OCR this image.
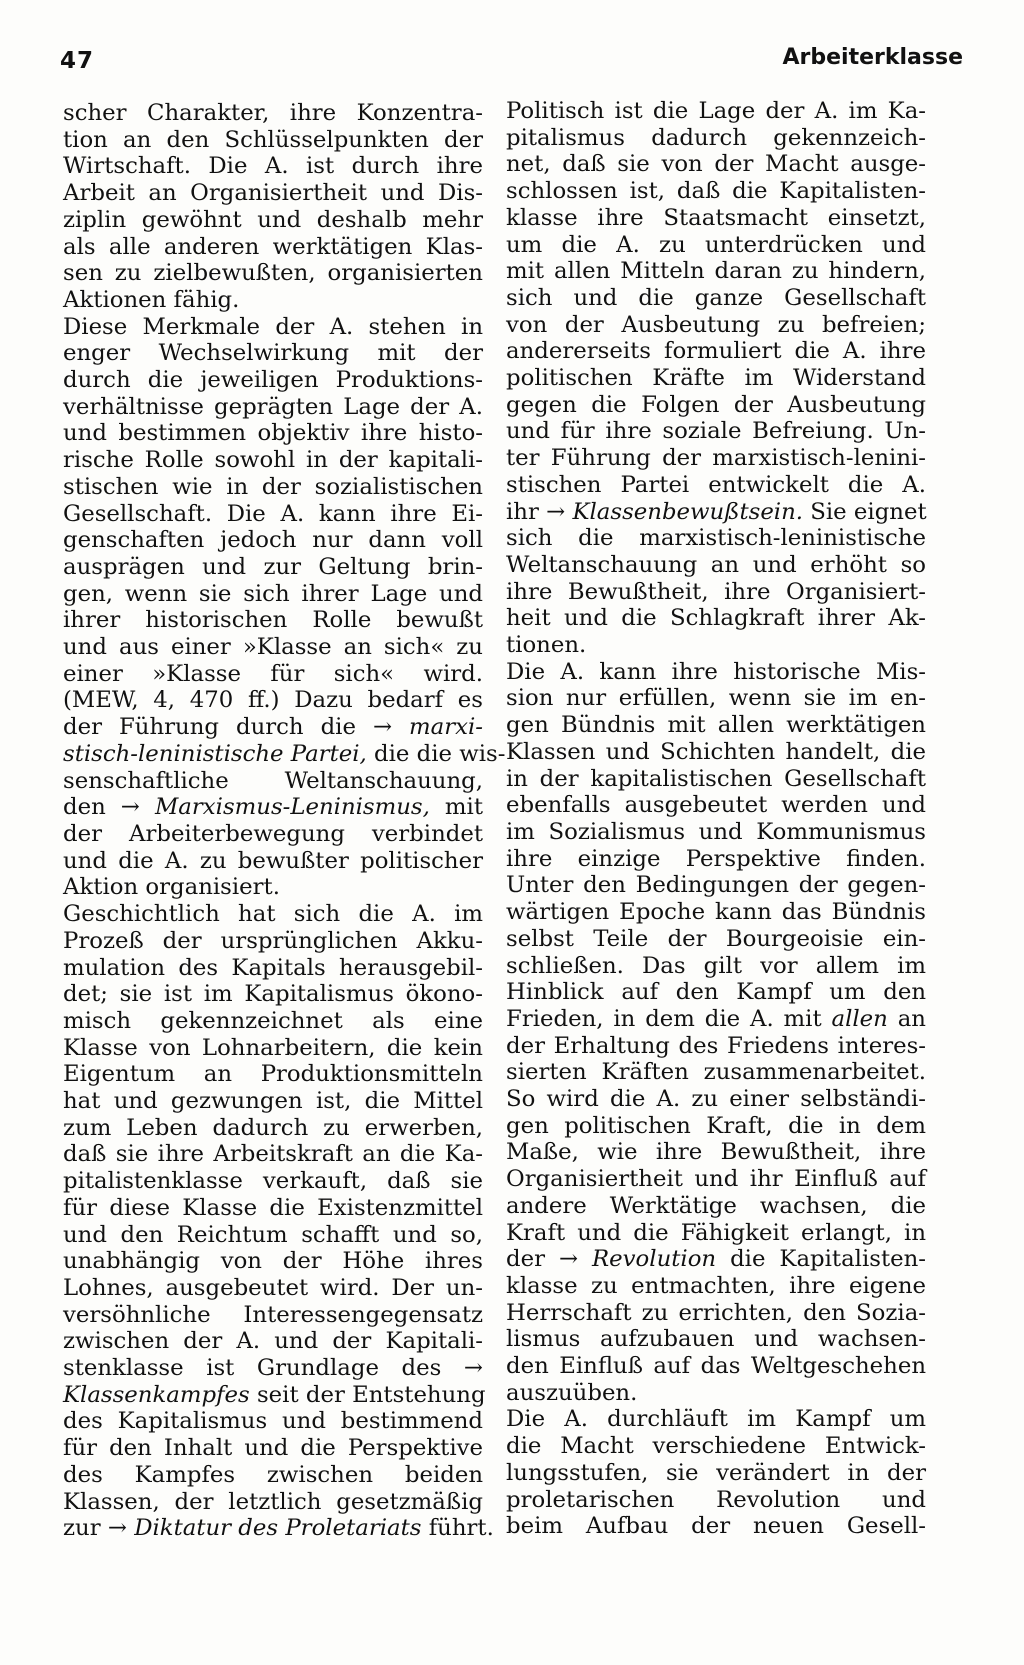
47	Arbeiterklasse
scher Charakter, ihre Konzentra-
tion an den Schlüsselpunkten der
Wirtschaft. Die A. ist durch ihre
Arbeit an Organisiertheit und Dis-
ziplin gewöhnt und deshalb mehr
als alle anderen werktätigen Klas-
sen zu zielbewußten, organisierten
Aktionen fähig.
Diese Merkmale der A. stehen in
enger Wechselwirkung mit der
durch die jeweiligen Produktions-
verhältnisse geprägten Lage der A.
und bestimmen objektiv ihre histo-
rische Rolle sowohl in der kapitali-
stischen wie in der sozialistischen
Gesellschaft. Die A. kann ihre Ei-
genschaften jedoch nur dann voll
ausprägen und zur Geltung brin-
gen, wenn sie sich ihrer Lage und
ihrer historischen Rolle bewußt
und aus einer »Klasse an sich« zu
einer »Klasse für sich« wird.
(MEW, 4, 470 ff.) Dazu bedarf es
der Führung durch die → marxi-
stisch-leninistische Partei, die die wis-
senschaftliche Weltanschauung,
den → Marxismus-Leninismus, mit
der Arbeiterbewegung verbindet
und die A. zu bewußter politischer
Aktion organisiert.
Geschichtlich hat sich die A. im
Prozeß der ursprünglichen Akku-
mulation des Kapitals herausgebil-
det; sie ist im Kapitalismus ökono-
misch gekennzeichnet als eine
Klasse von Lohnarbeitern, die kein
Eigentum an Produktionsmitteln
hat und gezwungen ist, die Mittel
zum Leben dadurch zu erwerben,
daß sie ihre Arbeitskraft an die Ka-
pitalistenklasse verkauft, daß sie
für diese Klasse die Existenzmittel
und den Reichtum schafft und so,
unabhängig von der Höhe ihres
Lohnes, ausgebeutet wird. Der un-
versöhnliche Interessengegensatz
zwischen der A. und der Kapitali-
stenklasse ist Grundlage des →
Klassenkampfes seit der Entstehung
des Kapitalismus und bestimmend
für den Inhalt und die Perspektive
des Kampfes zwischen beiden
Klassen, der letztlich gesetzmäßig
zur → Diktatur des Proletariats führt.
Politisch ist die Lage der A. im Ka-
pitalismus dadurch gekennzeich-
net, daß sie von der Macht ausge-
schlossen ist, daß die Kapitalisten-
klasse ihre Staatsmacht einsetzt,
um die A. zu unterdrücken und
mit allen Mitteln daran zu hindern,
sich und die ganze Gesellschaft
von der Ausbeutung zu befreien;
andererseits formuliert die A. ihre
politischen Kräfte im Widerstand
gegen die Folgen der Ausbeutung
und für ihre soziale Befreiung. Un-
ter Führung der marxistisch-lenini-
stischen Partei entwickelt die A.
ihr → Klassenbewußtsein. Sie eignet
sich die marxistisch-leninistische
Weltanschauung an und erhöht so
ihre Bewußtheit, ihre Organisiert-
heit und die Schlagkraft ihrer Ak-
tionen.
Die A. kann ihre historische Mis-
sion nur erfüllen, wenn sie im en-
gen Bündnis mit allen werktätigen
Klassen und Schichten handelt, die
in der kapitalistischen Gesellschaft
ebenfalls ausgebeutet werden und
im Sozialismus und Kommunismus
ihre einzige Perspektive finden.
Unter den Bedingungen der gegen-
wärtigen Epoche kann das Bündnis
selbst Teile der Bourgeoisie ein-
schließen. Das gilt vor allem im
Hinblick auf den Kampf um den
Frieden, in dem die A. mit allen an
der Erhaltung des Friedens interes-
sierten Kräften zusammenarbeitet.
So wird die A. zu einer selbständi-
gen politischen Kraft, die in dem
Maße, wie ihre Bewußtheit, ihre
Organisiertheit und ihr Einfluß auf
andere Werktätige wachsen, die
Kraft und die Fähigkeit erlangt, in
der → Revolution die Kapitalisten-
klasse zu entmachten, ihre eigene
Herrschaft zu errichten, den Sozia-
lismus aufzubauen und wachsen-
den Einfluß auf das Weltgeschehen
auszuüben.
Die A. durchläuft im Kampf um
die Macht verschiedene Entwick-
lungsstufen, sie verändert in der
proletarischen Revolution und
beim Aufbau der neuen Gesell-
